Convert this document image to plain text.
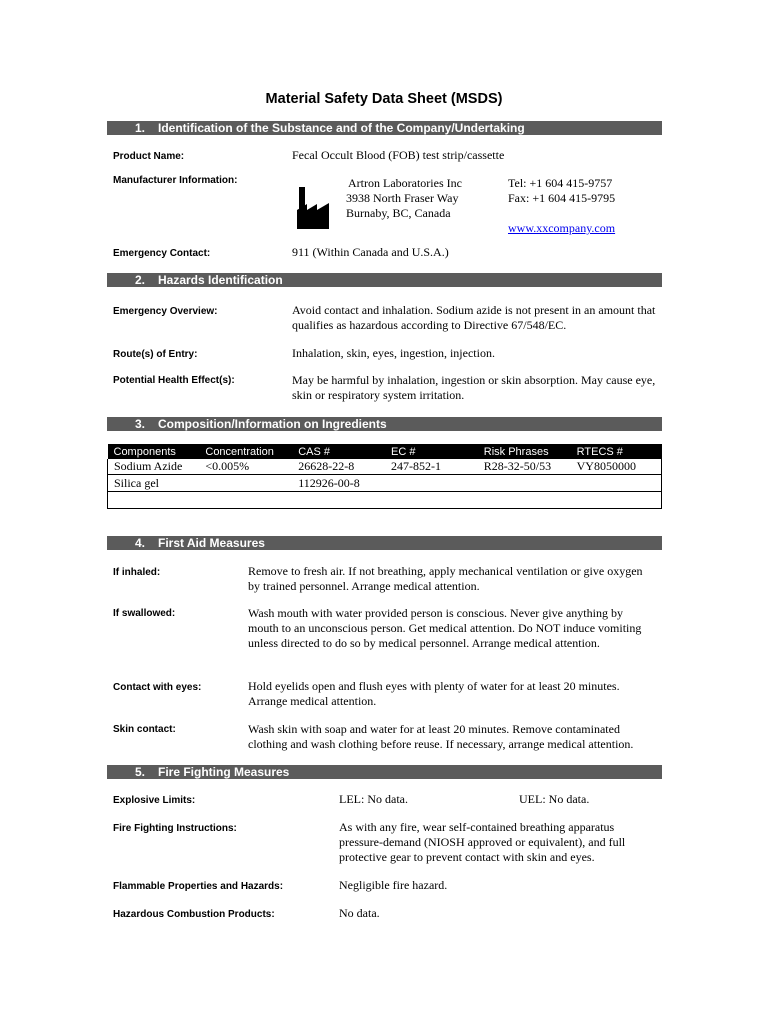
Material Safety Data Sheet (MSDS)
1. Identification of the Substance and of the Company/Undertaking
Product Name:	Fecal Occult Blood (FOB) test strip/cassette
Manufacturer Information:	Artron Laboratories Inc
3938 North Fraser Way
Burnaby, BC, Canada
Tel: +1 604 415-9757
Fax: +1 604 415-9795
www.xxcompany.com
Emergency Contact:	911 (Within Canada and U.S.A.)
2. Hazards Identification
Emergency Overview:	Avoid contact and inhalation. Sodium azide is not present in an amount that qualifies as hazardous according to Directive 67/548/EC.
Route(s) of Entry:	Inhalation, skin, eyes, ingestion, injection.
Potential Health Effect(s):	May be harmful by inhalation, ingestion or skin absorption. May cause eye, skin or respiratory system irritation.
3. Composition/Information on Ingredients
Components	Concentration	CAS #	EC #	Risk Phrases	RTECS #
Sodium Azide	<0.005%	26628-22-8	247-852-1	R28-32-50/53	VY8050000
Silica gel		112926-00-8			

4. First Aid Measures
If inhaled:	Remove to fresh air. If not breathing, apply mechanical ventilation or give oxygen by trained personnel. Arrange medical attention.
If swallowed:	Wash mouth with water provided person is conscious. Never give anything by mouth to an unconscious person. Get medical attention. Do NOT induce vomiting unless directed to do so by medical personnel. Arrange medical attention.
Contact with eyes:	Hold eyelids open and flush eyes with plenty of water for at least 20 minutes. Arrange medical attention.
Skin contact:	Wash skin with soap and water for at least 20 minutes. Remove contaminated clothing and wash clothing before reuse. If necessary, arrange medical attention.
5. Fire Fighting Measures
Explosive Limits:	LEL: No data.	UEL: No data.
Fire Fighting Instructions:	As with any fire, wear self-contained breathing apparatus pressure-demand (NIOSH approved or equivalent), and full protective gear to prevent contact with skin and eyes.
Flammable Properties and Hazards:	Negligible fire hazard.
Hazardous Combustion Products:	No data.
